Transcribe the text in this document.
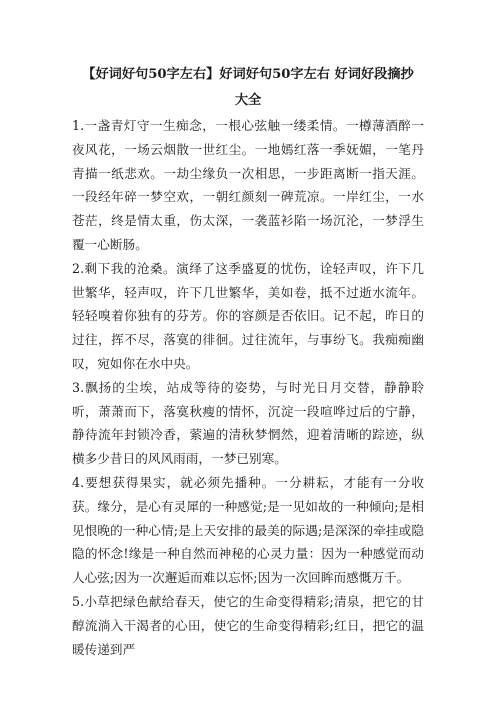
【好词好句50字左右】好词好句50字左右 好词好段摘抄
大全

1.一盏青灯守一生痴念，一根心弦触一缕柔情。一樽薄酒醉一夜风花，一场云烟散一世红尘。一地嫣红落一季妩媚，一笔丹青描一纸悲欢。一劫尘缘负一次相思，一步距离断一指天涯。一段经年碎一梦空欢，一朝红颜刻一碑荒凉。一岸红尘，一水苍茫，终是情太重，伤太深，一袭蓝衫陷一场沉沦，一梦浮生覆一心断肠。

2.剩下我的沧桑。演绎了这季盛夏的忧伤，诠轻声叹，许下几世繁华，轻声叹，许下几世繁华，美如卷，抵不过逝水流年。轻轻嗅着你独有的芬芳。你的容颜是否依旧。记不起，昨日的过往，挥不尽，落寞的徘徊。过往流年，与事纷飞。我痴痴幽叹，宛如你在水中央。

3.飘扬的尘埃，站成等待的姿势，与时光日月交替，静静聆听，萧萧而下，落寞秋瘦的情怀，沉淀一段喧哗过后的宁静，静待流年封锁冷香，萦遍的清秋梦惘然，迎着清晰的踪迹，纵横多少昔日的风风雨雨，一梦已别寒。

4.要想获得果实，就必须先播种。一分耕耘，才能有一分收获。缘分，是心有灵犀的一种感觉;是一见如故的一种倾向;是相见恨晚的一种心情;是上天安排的最美的际遇;是深深的牵挂或隐隐的怀念!缘是一种自然而神秘的心灵力量：因为一种感觉而动人心弦;因为一次邂逅而难以忘怀;因为一次回眸而感慨万千。

5.小草把绿色献给春天，使它的生命变得精彩;清泉，把它的甘醇流淌入干渴者的心田，使它的生命变得精彩;红日，把它的温暖传递到严
